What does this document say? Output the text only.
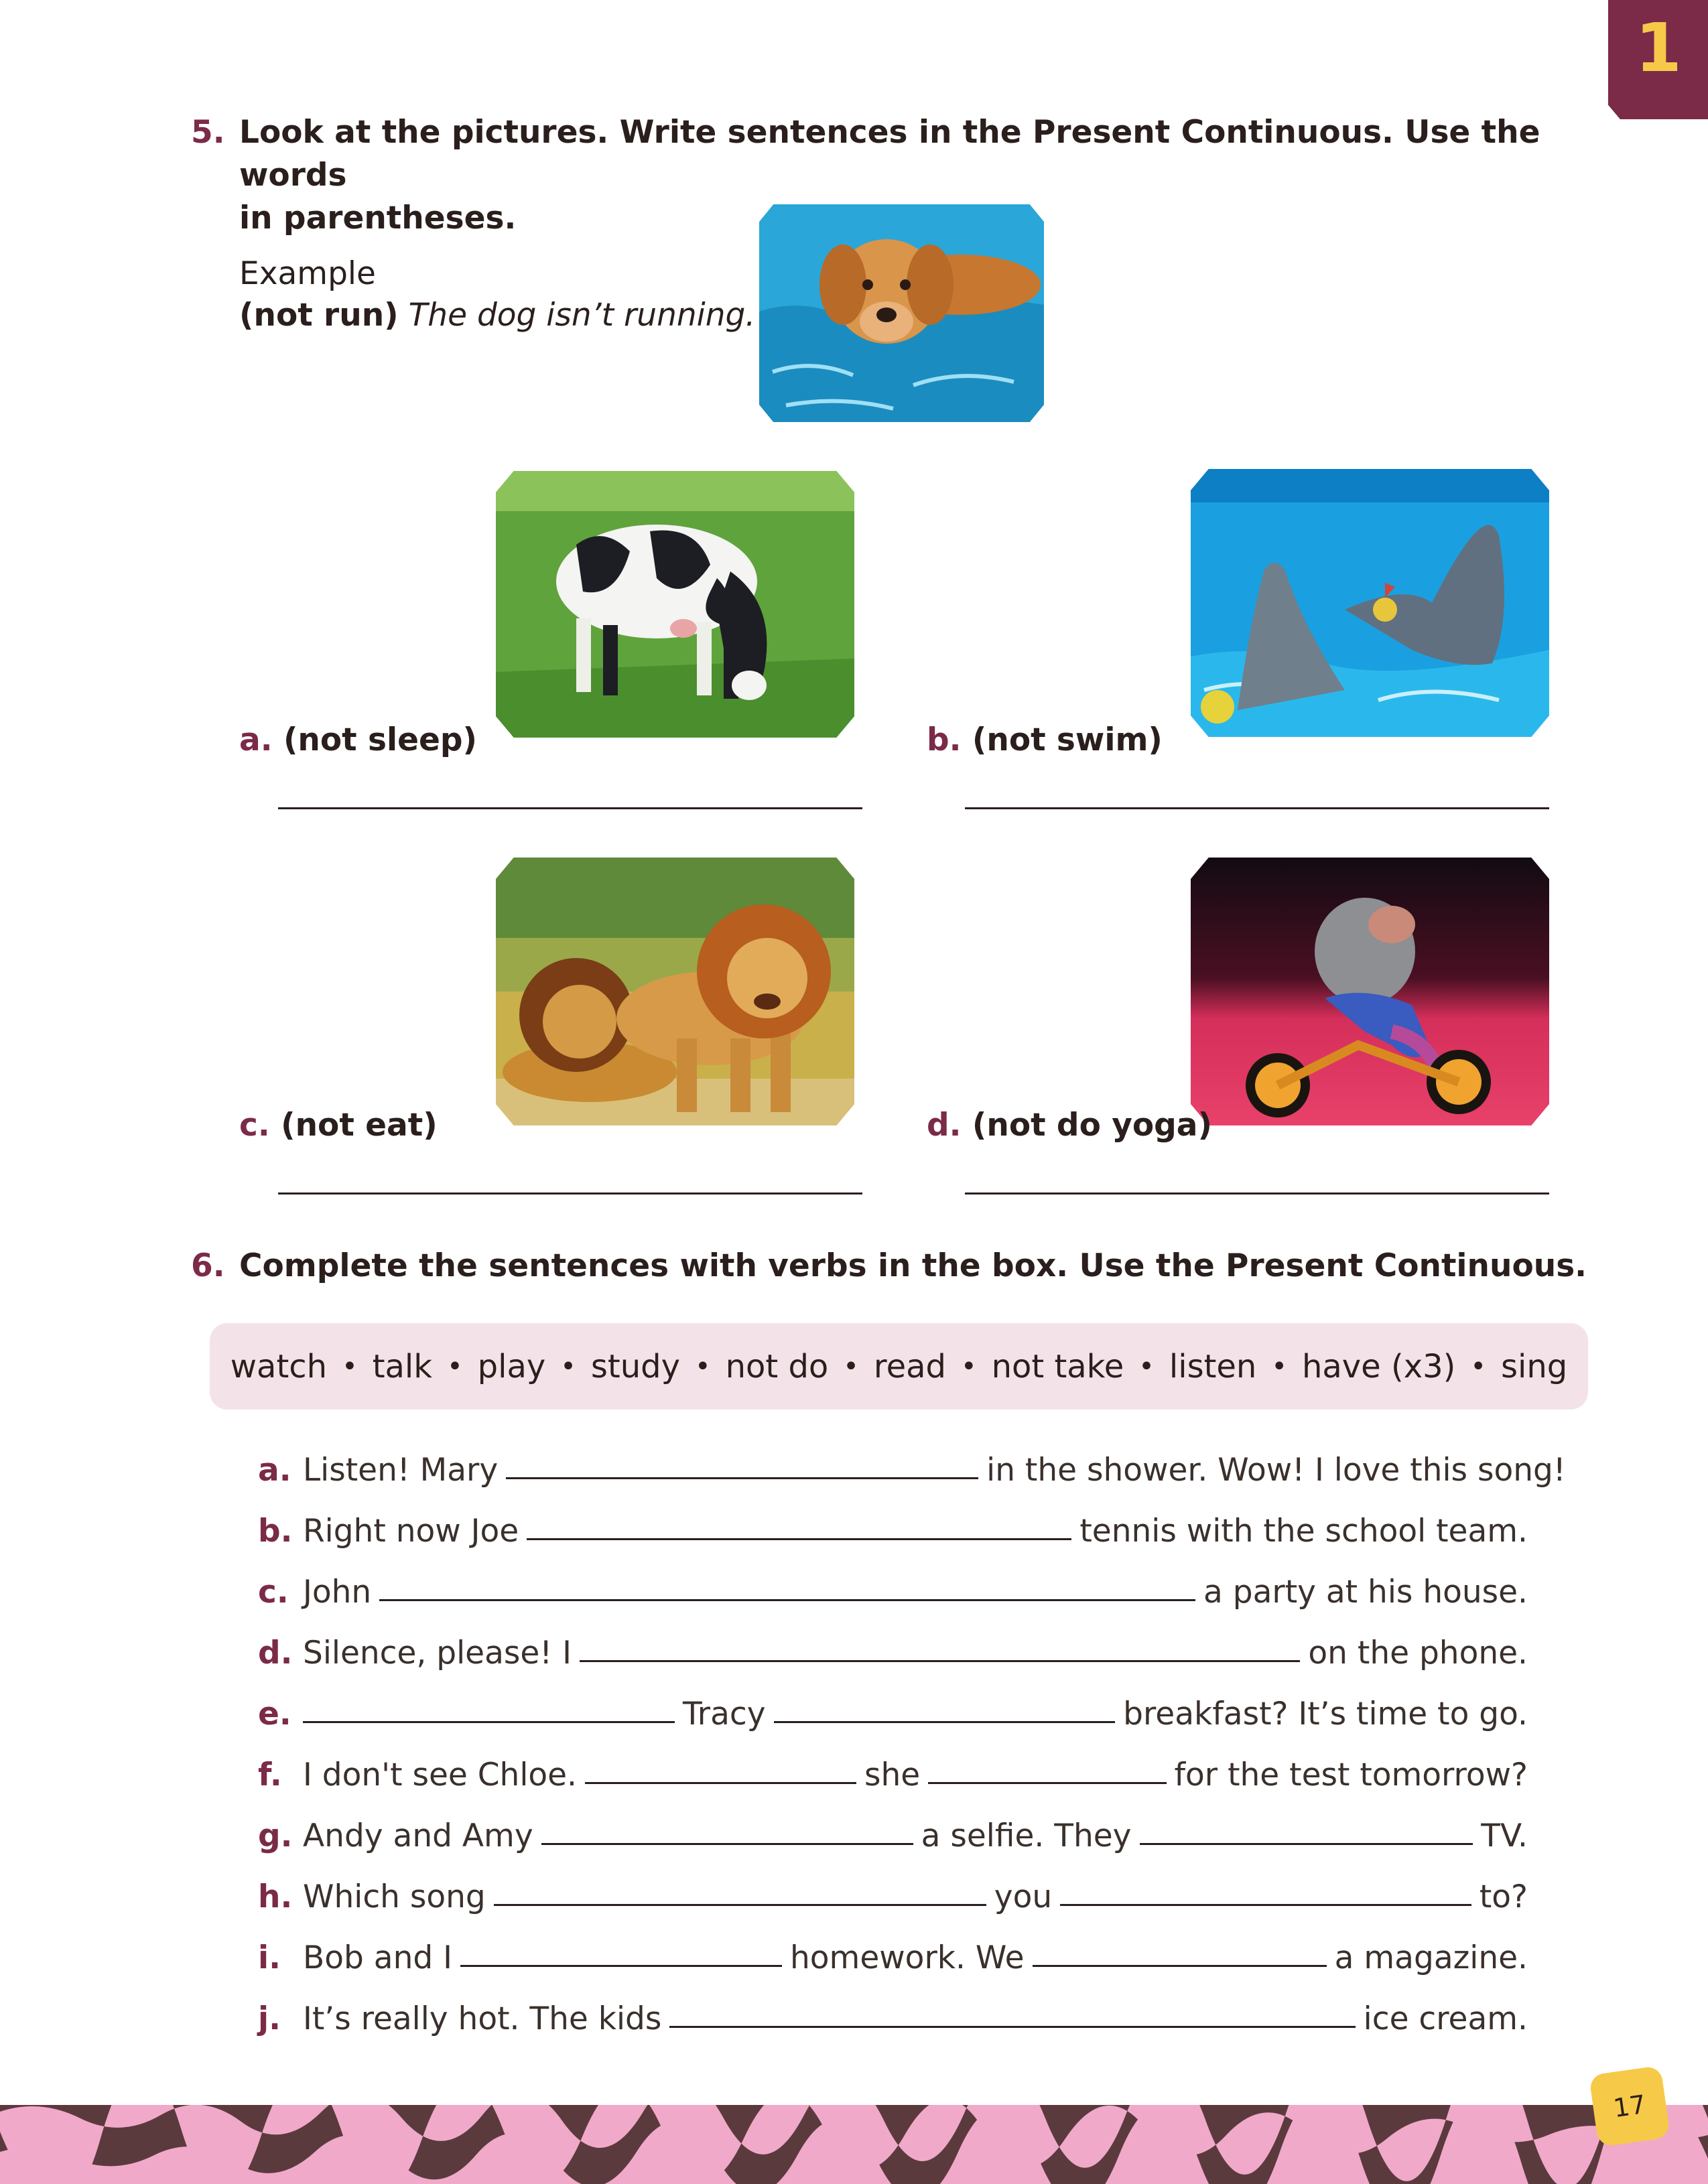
1
5. Look at the pictures. Write sentences in the Present Continuous. Use the words
in parentheses.
Example
(not run) The dog isn’t running.
a. (not sleep)	b. (not swim)
c. (not eat)	d. (not do yoga)
6. Complete the sentences with verbs in the box. Use the Present Continuous.
watch • talk • play • study • not do • read • not take • listen • have (x3) • sing
a. Listen! Mary	in the shower. Wow! I love this song!
b. Right now Joe	tennis with the school team.
c. John	a party at his house.
d. Silence, please! I	on the phone.
e.	Tracy	breakfast? It’s time to go.
f. I don't see Chloe.	she	for the test tomorrow?
g. Andy and Amy	a selfie. They	TV.
h. Which song	you	to?
i. Bob and I	homework. We	a magazine.
j. It’s really hot. The kids	ice cream.
17
